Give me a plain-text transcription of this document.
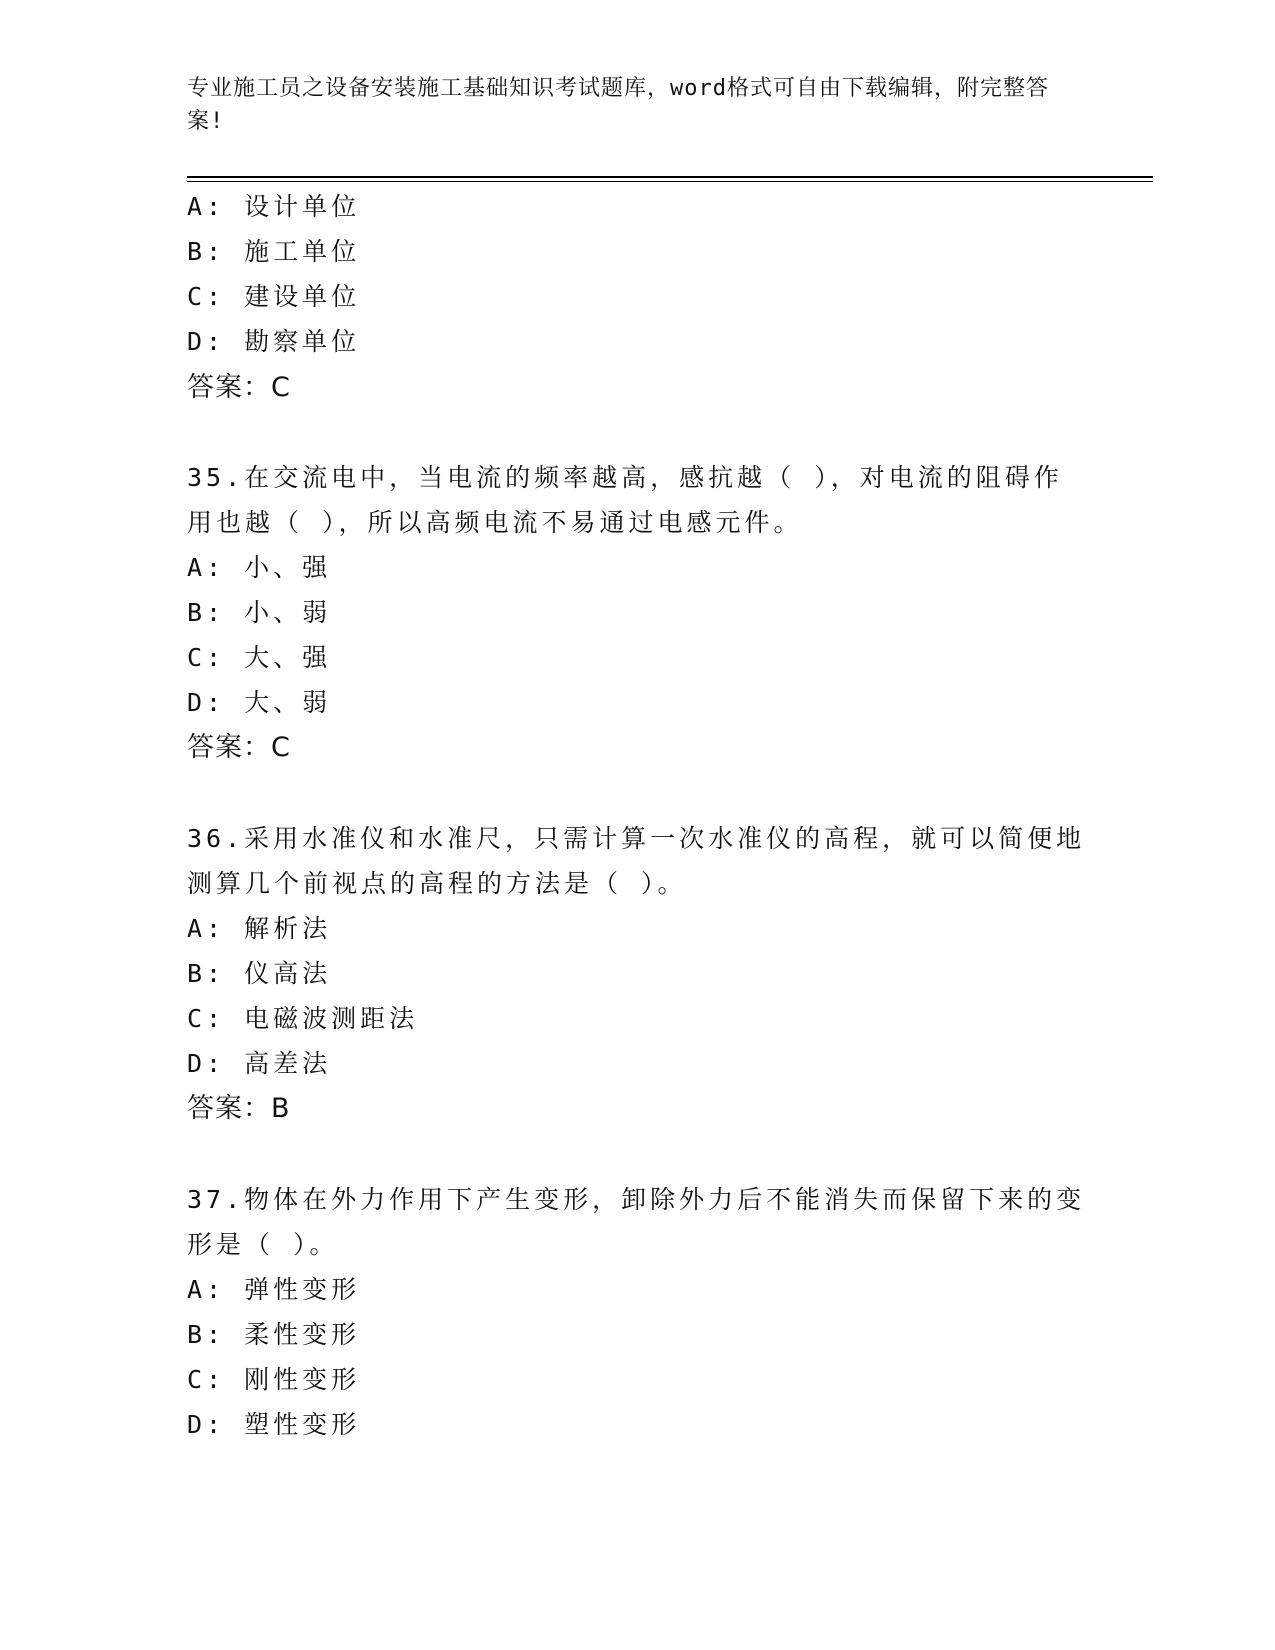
专业施工员之设备安装施工基础知识考试题库，word格式可自由下载编辑，附完整答案!

A: 设计单位

B: 施工单位

C: 建设单位

D: 勘察单位

答案：C

35.在交流电中，当电流的频率越高，感抗越（ ），对电流的阻碍作

用也越（ ），所以高频电流不易通过电感元件。

A: 小、强

B: 小、弱

C: 大、强

D: 大、弱

答案：C

36.采用水准仪和水准尺，只需计算一次水准仪的高程，就可以简便地

测算几个前视点的高程的方法是（ ）。

A: 解析法

B: 仪高法

C: 电磁波测距法

D: 高差法

答案：B

37.物体在外力作用下产生变形，卸除外力后不能消失而保留下来的变

形是（ ）。

A: 弹性变形

B: 柔性变形

C: 刚性变形

D: 塑性变形
